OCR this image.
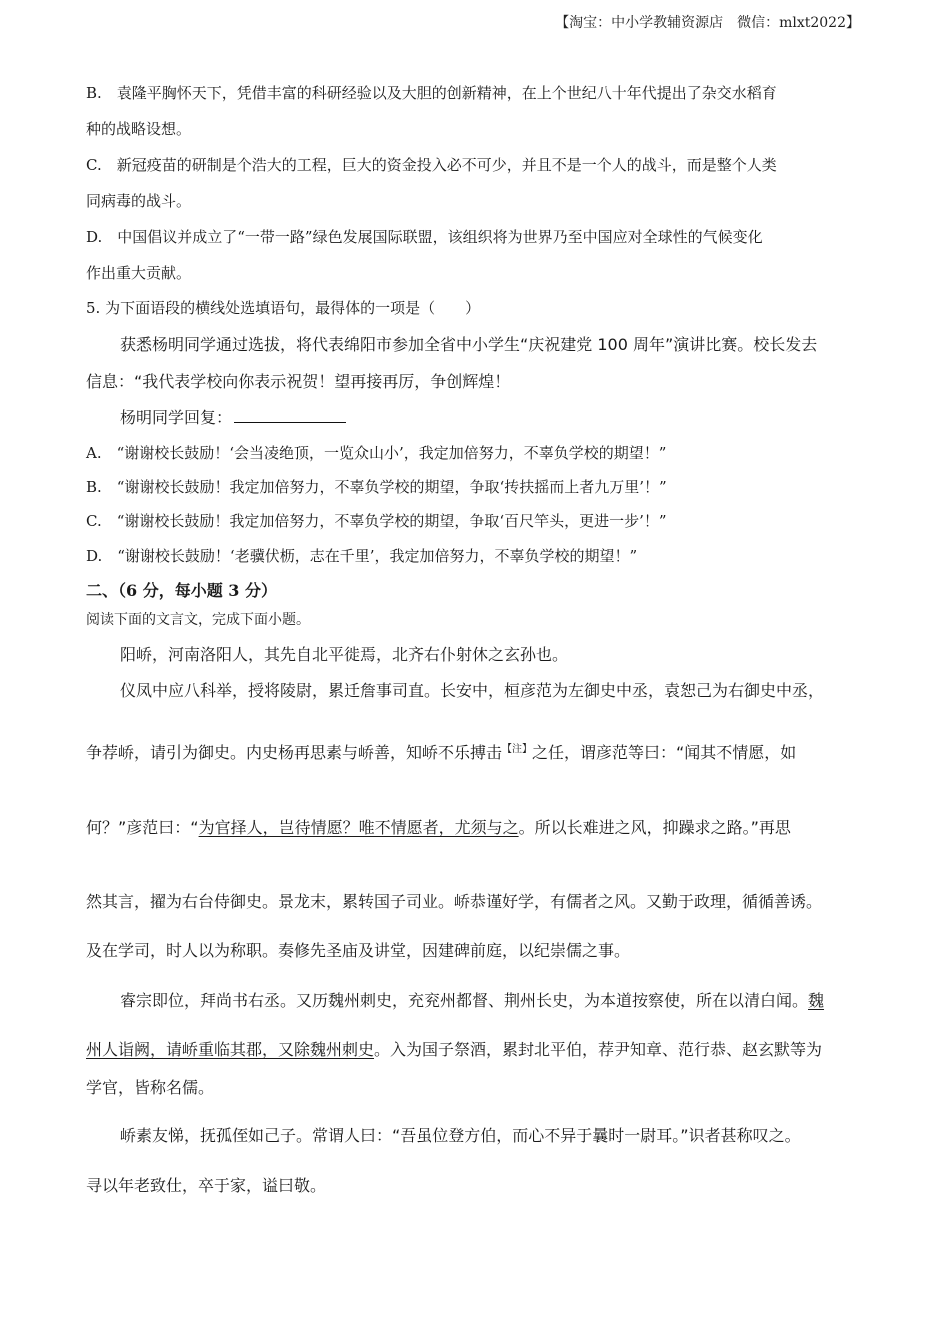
【淘宝：中小学教辅资源店　微信：mlxt2022】
B.　袁隆平胸怀天下，凭借丰富的科研经验以及大胆的创新精神，在上个世纪八十年代提出了杂交水稻育
种的战略设想。
C.　新冠疫苗的研制是个浩大的工程，巨大的资金投入必不可少，并且不是一个人的战斗，而是整个人类
同病毒的战斗。
D.　中国倡议并成立了“一带一路”绿色发展国际联盟，该组织将为世界乃至中国应对全球性的气候变化
作出重大贡献。
5. 为下面语段的横线处选填语句，最得体的一项是（　　）
获悉杨明同学通过选拔，将代表绵阳市参加全省中小学生“庆祝建党 100 周年”演讲比赛。校长发去
信息：“我代表学校向你表示祝贺！望再接再厉，争创辉煌！
杨明同学回复：
A.　“谢谢校长鼓励！‘会当凌绝顶，一览众山小’，我定加倍努力，不辜负学校的期望！”
B.　“谢谢校长鼓励！我定加倍努力，不辜负学校的期望，争取‘抟扶摇而上者九万里’！”
C.　“谢谢校长鼓励！我定加倍努力，不辜负学校的期望，争取‘百尺竿头，更进一步’！”
D.　“谢谢校长鼓励！‘老骥伏枥，志在千里’，我定加倍努力，不辜负学校的期望！”
二、（6 分，每小题 3 分）
阅读下面的文言文，完成下面小题。
阳峤，河南洛阳人，其先自北平徙焉，北齐右仆射休之玄孙也。
仪凤中应八科举，授将陵尉，累迁詹事司直。长安中，桓彦范为左御史中丞，袁恕己为右御史中丞，
争荐峤，请引为御史。内史杨再思素与峤善，知峤不乐搏击$^{【注】}$之任，谓彦范等曰：“闻其不情愿，如
何？”彦范曰：“为官择人，岂待情愿？唯不情愿者，尤须与之。所以长难进之风，抑躁求之路。”再思
然其言，擢为右台侍御史。景龙末，累转国子司业。峤恭谨好学，有儒者之风。又勤于政理，循循善诱。
及在学司，时人以为称职。奏修先圣庙及讲堂，因建碑前庭，以纪崇儒之事。
睿宗即位，拜尚书右丞。又历魏州刺史，充兖州都督、荆州长史，为本道按察使，所在以清白闻。魏
州人诣阙，请峤重临其郡，又除魏州刺史。入为国子祭酒，累封北平伯，荐尹知章、范行恭、赵玄默等为
学官，皆称名儒。
峤素友悌，抚孤侄如己子。常谓人曰：“吾虽位登方伯，而心不异于曩时一尉耳。”识者甚称叹之。
寻以年老致仕，卒于家，谥曰敬。
